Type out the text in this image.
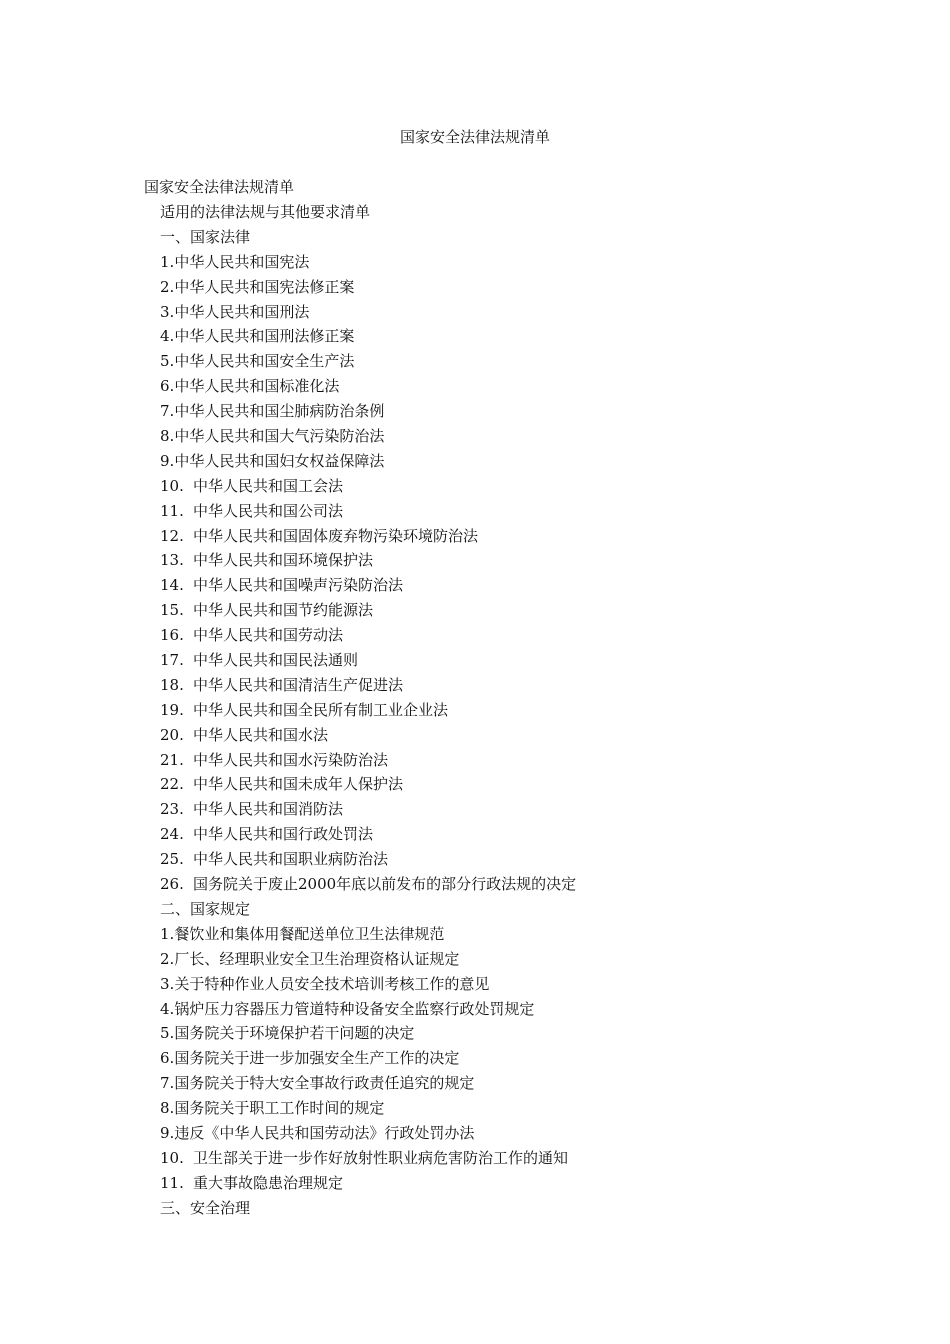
国家安全法律法规清单
国家安全法律法规清单

适用的法律法规与其他要求清单

一、国家法律
1.中华人民共和国宪法
2.中华人民共和国宪法修正案
3.中华人民共和国刑法
4.中华人民共和国刑法修正案
5.中华人民共和国安全生产法
6.中华人民共和国标准化法
7.中华人民共和国尘肺病防治条例
8.中华人民共和国大气污染防治法
9.中华人民共和国妇女权益保障法
10. 中华人民共和国工会法
11. 中华人民共和国公司法
12. 中华人民共和国固体废弃物污染环境防治法
13. 中华人民共和国环境保护法
14. 中华人民共和国噪声污染防治法
15. 中华人民共和国节约能源法
16. 中华人民共和国劳动法
17. 中华人民共和国民法通则
18. 中华人民共和国清洁生产促进法
19. 中华人民共和国全民所有制工业企业法
20. 中华人民共和国水法
21. 中华人民共和国水污染防治法
22. 中华人民共和国未成年人保护法
23. 中华人民共和国消防法
24. 中华人民共和国行政处罚法
25. 中华人民共和国职业病防治法
26. 国务院关于废止2000年底以前发布的部分行政法规的决定
二、国家规定
1.餐饮业和集体用餐配送单位卫生法律规范
2.厂长、经理职业安全卫生治理资格认证规定
3.关于特种作业人员安全技术培训考核工作的意见
4.锅炉压力容器压力管道特种设备安全监察行政处罚规定
5.国务院关于环境保护若干问题的决定
6.国务院关于进一步加强安全生产工作的决定
7.国务院关于特大安全事故行政责任追究的规定
8.国务院关于职工工作时间的规定
9.违反《中华人民共和国劳动法》行政处罚办法
10. 卫生部关于进一步作好放射性职业病危害防治工作的通知
11. 重大事故隐患治理规定
三、安全治理
